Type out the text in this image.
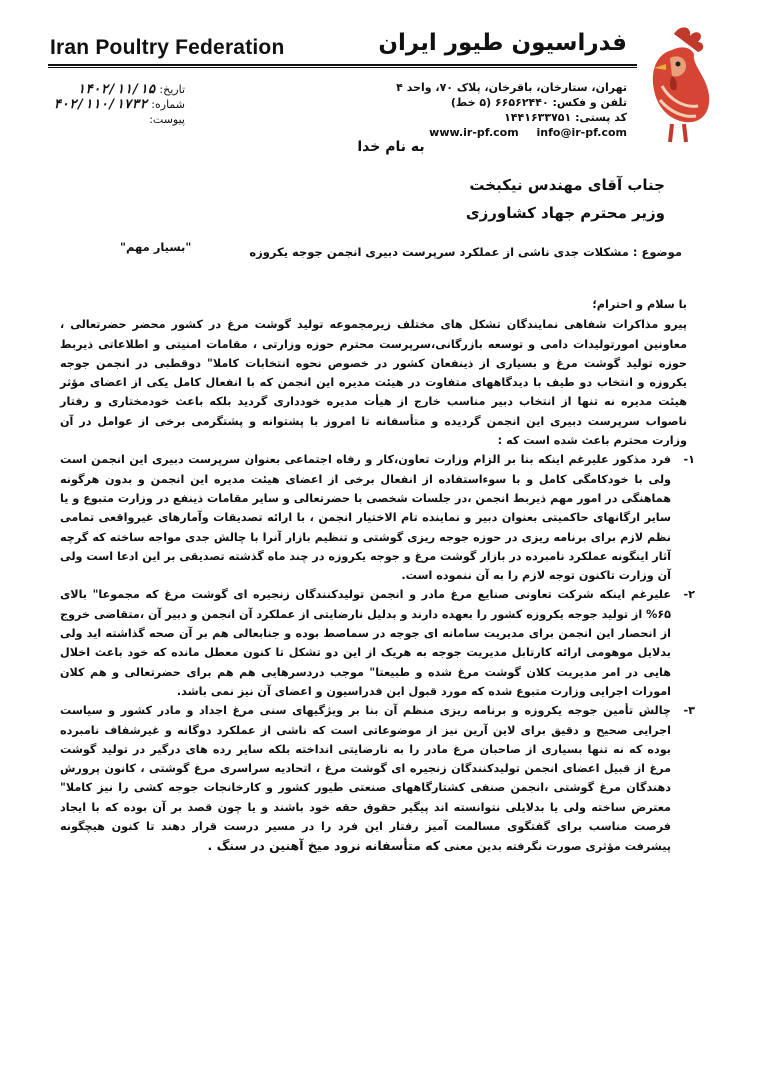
Iran Poultry Federation	فدراسیون طیور ایران
تهران، ستارخان، باقرخان، پلاک ۷۰، واحد ۴
تلفن و فکس: ۶۶۵۶۲۴۴۰ (۵ خط)
کد پستی: ۱۴۴۱۶۳۳۷۵۱
www.ir-pf.com info@ir-pf.com
تاریخ:
۱۴۰۲/۱۱/۱۵
شماره:
۴۰۲/۱۱۰/۱۷۳۲
پیوست:
به نام خدا
جناب آقای مهندس نیکبخت
وزیر محترم جهاد کشاورزی
موضوع : مشکلات جدی ناشی از عملکرد سرپرست دبیری انجمن جوجه یکروزه
"بسیار مهم"

با سلام و احترام؛

پیرو مذاکرات شفاهی نمایندگان تشکل های مختلف زیرمجموعه تولید گوشت مرغ در کشور محضر حضرتعالی ، معاونین امورتولیدات دامی و توسعه بازرگانی،سرپرست محترم حوزه وزارتی ، مقامات امنیتی و اطلاعاتی ذیربط حوزه تولید گوشت مرغ و بسیاری از ذینفعان کشور در خصوص نحوه انتخابات کاملا" دوقطبی در انجمن جوجه یکروزه و انتخاب دو طیف با دیدگاههای متفاوت در هیئت مدیره این انجمن که با انفعال کامل یکی از اعضای مؤثر هیئت مدیره نه تنها از انتخاب دبیر مناسب خارج از هیأت مدیره خودداری گردید بلکه باعث خودمختاری و رفتار ناصواب سرپرست دبیری این انجمن گردیده و متأسفانه تا امروز با پشتوانه و پشتگرمی برخی از عوامل در آن وزارت محترم باعث شده است که :

۱-
فرد مذکور علیرغم اینکه بنا بر الزام وزارت تعاون،کار و رفاه اجتماعی بعنوان سرپرست دبیری این انجمن است ولی با خودکامگی کامل و با سوءاستفاده از انفعال برخی از اعضای هیئت مدیره این انجمن و بدون هرگونه هماهنگی در امور مهم ذیربط انجمن ،در جلسات شخصی با حضرتعالی و سایر مقامات ذینفع در وزارت متبوع و یا سایر ارگانهای حاکمیتی بعنوان دبیر و نماینده تام الاختیار انجمن ، با ارائه تصدیقات وآمارهای غیرواقعی تمامی نظم لازم برای برنامه ریزی در حوزه جوجه ریزی گوشتی و تنظیم بازار آنرا با چالش جدی مواجه ساخته که گرچه آثار اینگونه عملکرد نامبرده در بازار گوشت مرغ و جوجه یکروزه در چند ماه گذشته تصدیقی بر این ادعا است ولی آن وزارت تاکنون توجه لازم را به آن ننموده است.
۲-
علیرغم اینکه شرکت تعاونی صنایع مرغ مادر و انجمن تولیدکنندگان زنجیره ای گوشت مرغ که مجموعا" بالای ۶۵% از تولید جوجه یکروزه کشور را بعهده دارند و بدلیل نارضایتی از عملکرد آن انجمن و دبیر آن ،متقاضی خروج از انحصار این انجمن برای مدیریت سامانه ای جوجه در سماصط بوده و جنابعالی هم بر آن صحه گذاشته اید ولی بدلایل موهومی ارائه کارتابل مدیریت جوجه به هریک از این دو تشکل تا کنون معطل مانده که خود باعث اخلال هایی در امر مدیریت کلان گوشت مرغ شده و طبیعتا" موجب دردسرهایی هم هم برای حضرتعالی و هم کلان امورات اجرایی وزارت متبوع شده که مورد قبول این فدراسیون و اعضای آن نیز نمی باشد.
۳-
چالش تأمین جوجه یکروزه و برنامه ریزی منظم آن بنا بر ویژگیهای سنی مرغ اجداد و مادر کشور و سیاست اجرایی صحیح و دقیق برای لاین آرین نیز از موضوعاتی است که ناشی از عملکرد دوگانه و غیرشفاف نامبرده بوده که نه تنها بسیاری از صاحبان مرغ مادر را به نارضایتی انداخته بلکه سایر رده های درگیر در تولید گوشت مرغ از قبیل اعضای انجمن تولیدکنندگان زنجیره ای گوشت مرغ ، اتحادیه سراسری مرغ گوشتی ، کانون پرورش دهندگان مرغ گوشتی ،انجمن صنفی کشتارگاههای صنعتی طیور کشور و کارخانجات جوجه کشی را نیز کاملا" معترض ساخته ولی یا بدلایلی نتوانسته اند پیگیر حقوق حقه خود باشند و یا چون قصد بر آن بوده که با ایجاد فرصت مناسب برای گفتگوی مسالمت آمیز رفتار این فرد را در مسیر درست قرار دهند تا کنون هیچگونه پیشرفت مؤثری صورت نگرفته بدین معنی که متأسفانه نرود میخ آهنین در سنگ .
